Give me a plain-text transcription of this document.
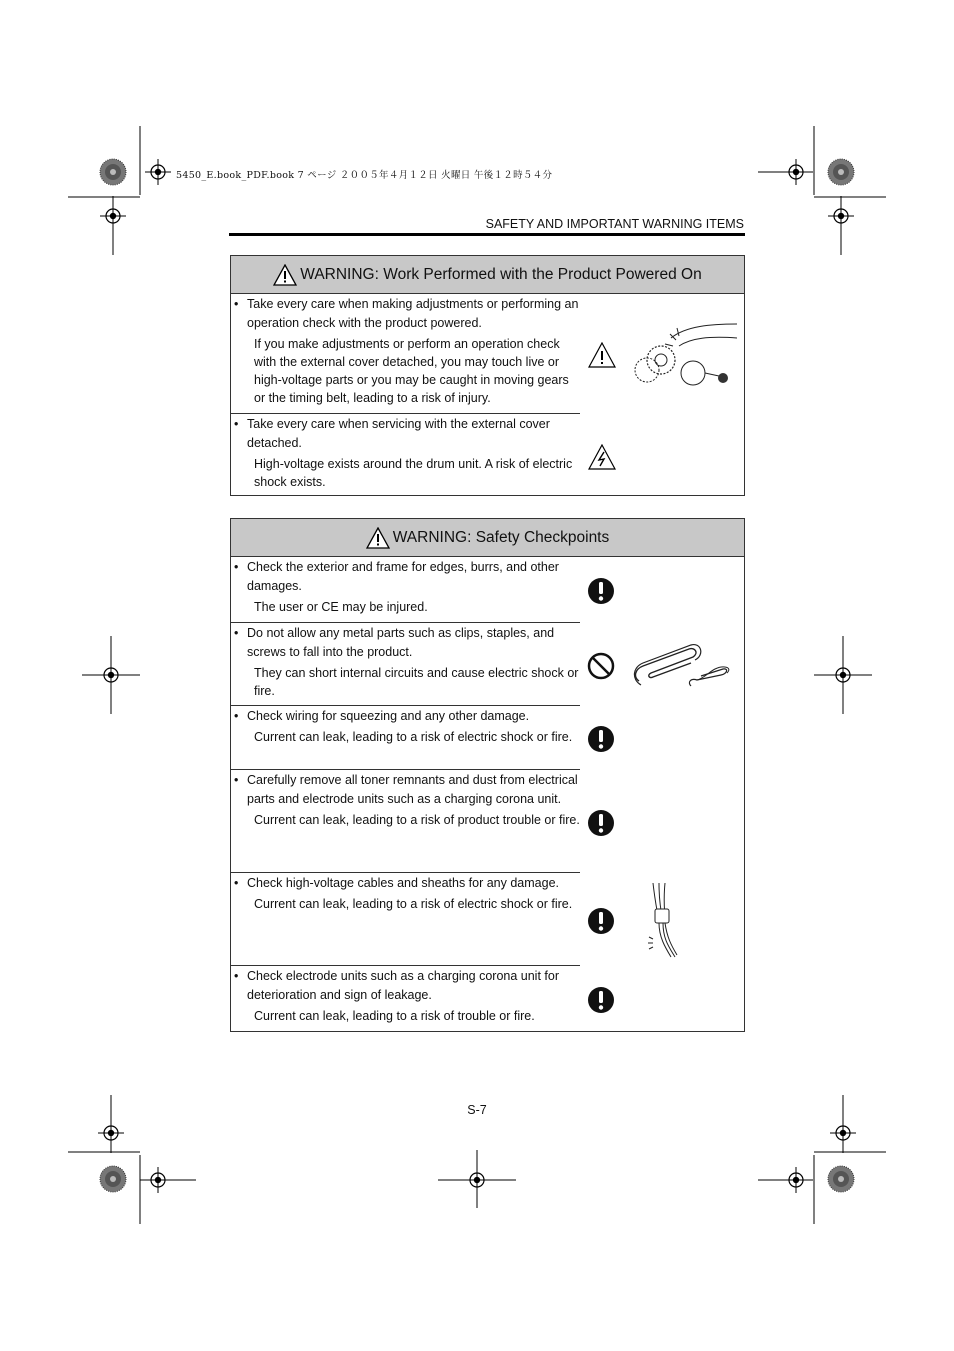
5450_E.book_PDF.book 7 ページ ２００５年４月１２日 火曜日 午後１２時５４分
SAFETY AND IMPORTANT WARNING ITEMS
WARNING: Work Performed with the Product Powered On
• Take every care when making adjustments or performing an operation check with the product powered.
If you make adjustments or perform an operation check with the external cover detached, you may touch live or high-voltage parts or you may be caught in moving gears or the timing belt, leading to a risk of injury.
• Take every care when servicing with the external cover detached.
High-voltage exists around the drum unit. A risk of electric shock exists.
WARNING: Safety Checkpoints
• Check the exterior and frame for edges, burrs, and other damages.
The user or CE may be injured.
• Do not allow any metal parts such as clips, staples, and screws to fall into the product.
They can short internal circuits and cause electric shock or fire.
• Check wiring for squeezing and any other damage.
Current can leak, leading to a risk of electric shock or fire.
• Carefully remove all toner remnants and dust from electrical parts and electrode units such as a charging corona unit.
Current can leak, leading to a risk of product trouble or fire.
• Check high-voltage cables and sheaths for any damage.
Current can leak, leading to a risk of electric shock or fire.
• Check electrode units such as a charging corona unit for deterioration and sign of leakage.
Current can leak, leading to a risk of trouble or fire.
S-7
